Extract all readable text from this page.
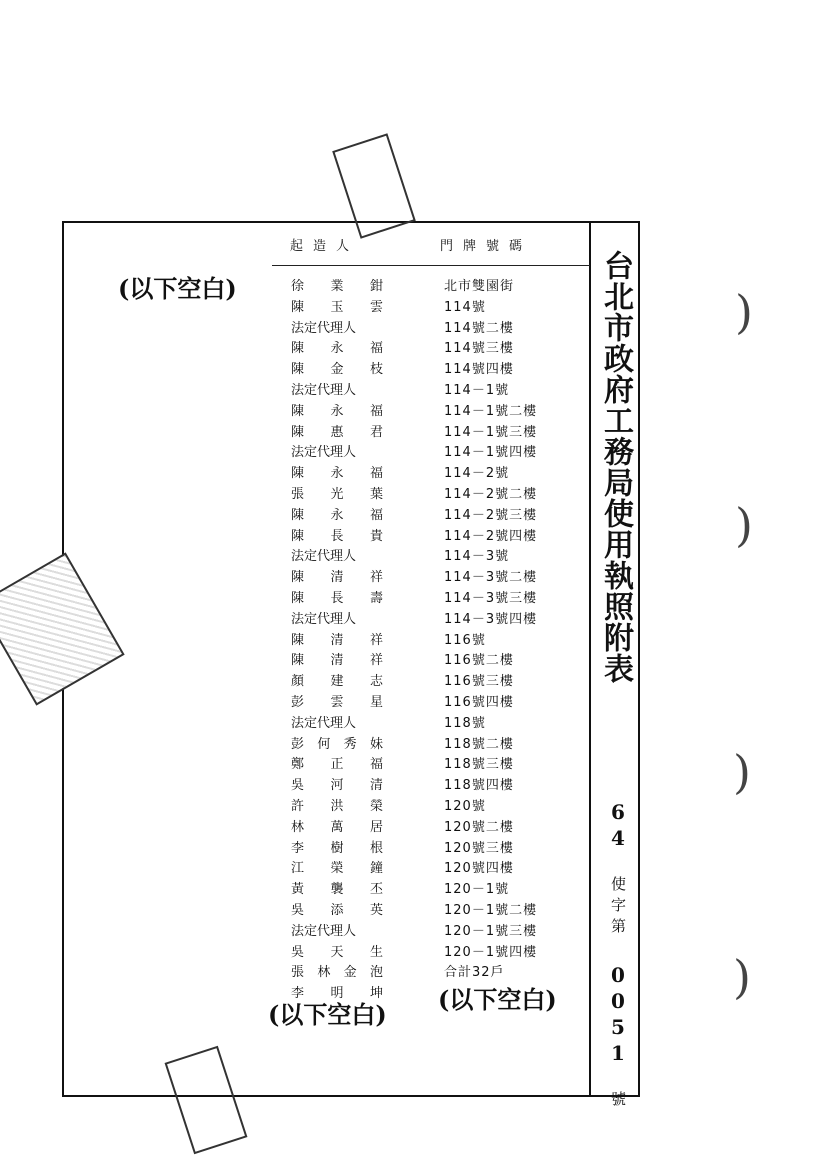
起造人	門牌號碼
徐 業 鉗	北市雙園街
陳 玉 雲	114號
法定代理人	114號二樓
陳 永 福	114號三樓
陳 金 枝	114號四樓
法定代理人	114－1號
陳 永 福	114－1號二樓
陳 惠 君	114－1號三樓
法定代理人	114－1號四樓
陳 永 福	114－2號
張 光 葉	114－2號二樓
陳 永 福	114－2號三樓
陳 長 貴	114－2號四樓
法定代理人	114－3號
陳 清 祥	114－3號二樓
陳 長 壽	114－3號三樓
法定代理人	114－3號四樓
陳 清 祥	116號
陳 清 祥	116號二樓
顏 建 志	116號三樓
彭 雲 星	116號四樓
法定代理人	118號
彭 何 秀 妹	118號二樓
鄭 正 福	118號三樓
吳 河 清	118號四樓
許 洪 榮	120號
林 萬 居	120號二樓
李 樹 根	120號三樓
江 榮 鐘	120號四樓
黃 襲 丕	120－1號
吳 添 英	120－1號二樓
法定代理人	120－1號三樓
吳 天 生	120－1號四樓
張 林 金 泡	合計32戶
李 明 坤
台北市政府工務局使用執照附表
64 使字第 0051 號
(以下空白)
(以下空白)
(以下空白)
)
)
)
)
